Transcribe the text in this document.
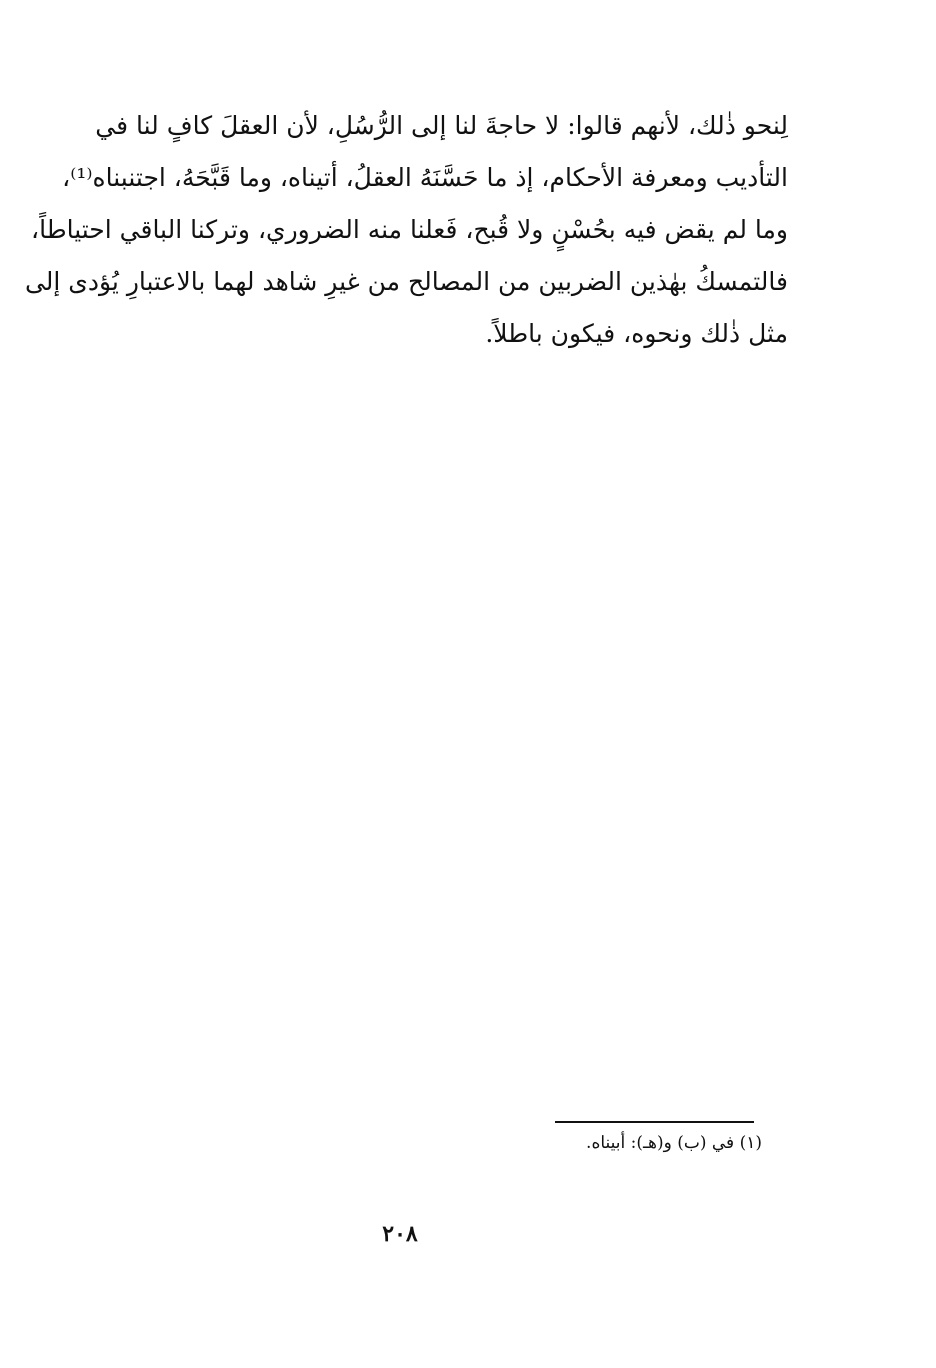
لِنحو ذٰلك، لأنهم قالوا: لا حاجةَ لنا إلى الرُّسُلِ، لأن العقلَ كافٍ لنا في
التأديب ومعرفة الأحكام، إذ ما حَسَّنَهُ العقلُ، أتيناه، وما قَبَّحَهُ، اجتنبناه⁽¹⁾،
وما لم يقض فيه بحُسْنٍ ولا قُبح، فَعلنا منه الضروري، وتركنا الباقي احتياطاً،
فالتمسكُ بهٰذين الضربين من المصالح من غيرِ شاهد لهما بالاعتبارِ يُؤدى إلى
مثل ذٰلك ونحوه، فيكون باطلاً.
(١) في (ب) و(هـ): أبيناه.
٢٠٨
